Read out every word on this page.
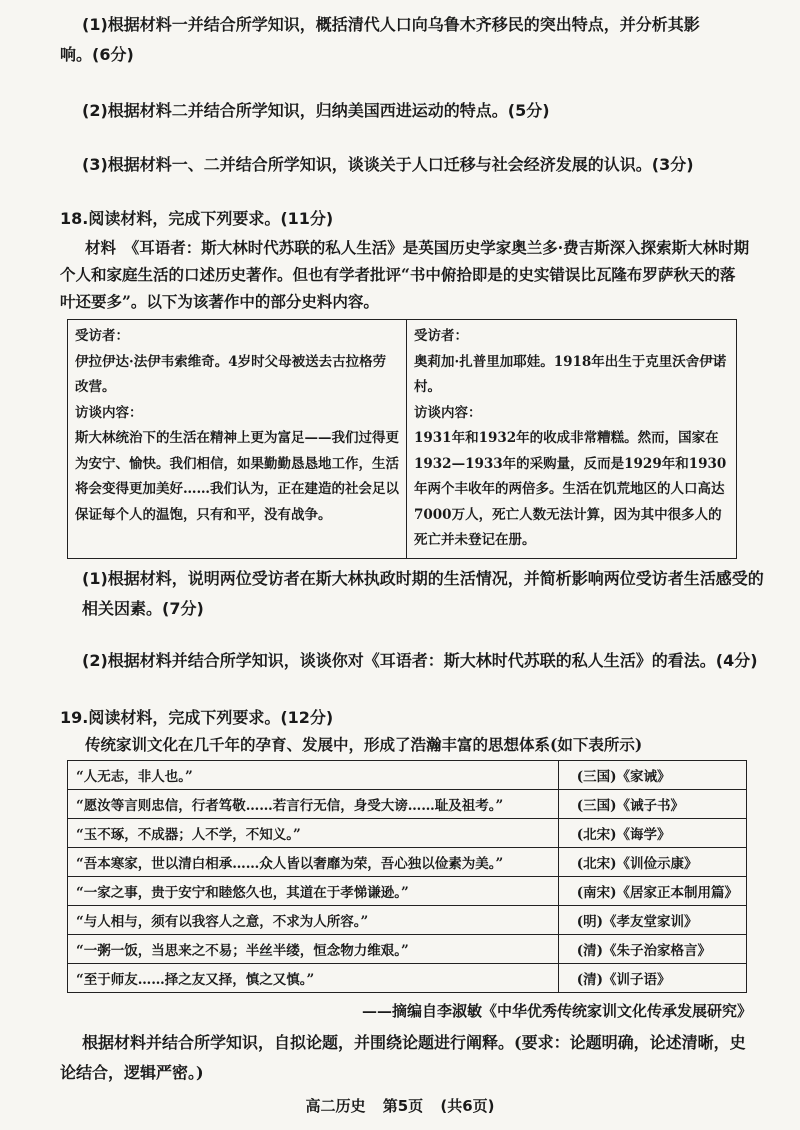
(1)根据材料一并结合所学知识，概括清代人口向乌鲁木齐移民的突出特点，并分析其影
响。(6分)
(2)根据材料二并结合所学知识，归纳美国西进运动的特点。(5分)
(3)根据材料一、二并结合所学知识，谈谈关于人口迁移与社会经济发展的认识。(3分)
18.阅读材料，完成下列要求。(11分)
材料　《耳语者：斯大林时代苏联的私人生活》是英国历史学家奥兰多·费吉斯深入探索斯大林时期个人和家庭生活的口述历史著作。但也有学者批评“书中俯拾即是的史实错误比瓦隆布罗萨秋天的落叶还要多”。以下为该著作中的部分史料内容。
受访者：
伊拉伊达·法伊韦索维奇。4岁时父母被送去古拉格劳改营。
访谈内容：
斯大林统治下的生活在精神上更为富足——我们过得更为安宁、愉快。我们相信，如果勤勤恳恳地工作，生活将会变得更加美好……我们认为，正在建造的社会足以保证每个人的温饱，只有和平，没有战争。

受访者：
奥莉加·扎普里加耶娃。1918年出生于克里沃舍伊诺村。
访谈内容：
1931年和1932年的收成非常糟糕。然而，国家在1932—1933年的采购量，反而是1929年和1930年两个丰收年的两倍多。生活在饥荒地区的人口高达7000万人，死亡人数无法计算，因为其中很多人的死亡并未登记在册。
(1)根据材料，说明两位受访者在斯大林执政时期的生活情况，并简析影响两位受访者生活感受的相关因素。(7分)
(2)根据材料并结合所学知识，谈谈你对《耳语者：斯大林时代苏联的私人生活》的看法。(4分)
19.阅读材料，完成下列要求。(12分)
传统家训文化在几千年的孕育、发展中，形成了浩瀚丰富的思想体系(如下表所示)
“人无志，非人也。”	(三国)《家诫》
“愿汝等言则忠信，行者笃敬……若言行无信，身受大谤……耻及祖考。”	(三国)《诫子书》
“玉不琢，不成器；人不学，不知义。”	(北宋)《诲学》
“吾本寒家，世以清白相承……众人皆以奢靡为荣，吾心独以俭素为美。”	(北宋)《训俭示康》
“一家之事，贵于安宁和睦悠久也，其道在于孝悌谦逊。”	(南宋)《居家正本制用篇》
“与人相与，须有以我容人之意，不求为人所容。”	(明)《孝友堂家训》
“一粥一饭，当思来之不易；半丝半缕，恒念物力维艰。”	(清)《朱子治家格言》
“至于师友……择之友又择，慎之又慎。”	(清)《训子语》
——摘编自李淑敏《中华优秀传统家训文化传承发展研究》
根据材料并结合所学知识，自拟论题，并围绕论题进行阐释。(要求：论题明确，论述清晰，史论结合，逻辑严密。)
高二历史 第5页 (共6页)
